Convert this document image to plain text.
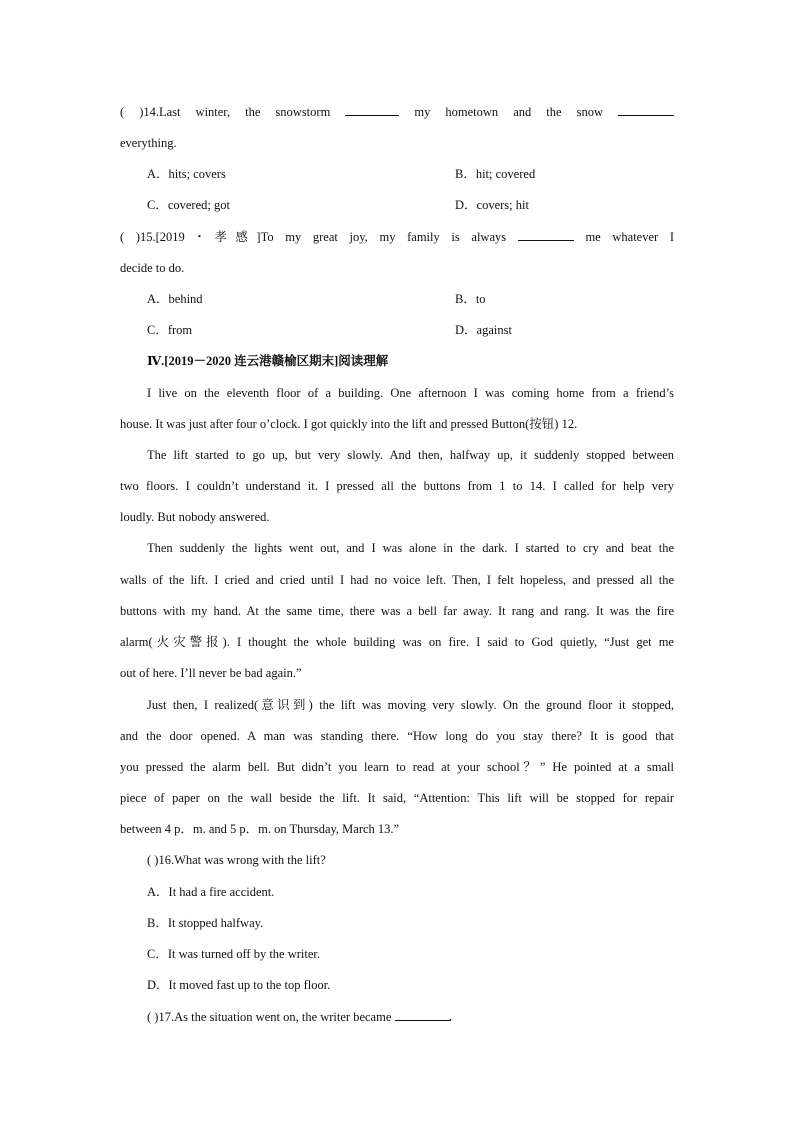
( )14.Last winter, the snowstorm	my hometown and the snow
everything.
A．hits; covers	B．hit; covered
C．covered; got	D．covers; hit
( )15.[2019・孝感]To my great joy, my family is always	me whatever I
decide to do.
A．behind	B．to
C．from	D．against
Ⅳ.[2019－2020 连云港赣榆区期末]阅读理解
I live on the eleventh floor of a building. One afternoon I was coming home from a friend’s
house. It was just after four o’clock. I got quickly into the lift and pressed Button(按钮) 12.
The lift started to go up, but very slowly. And then, halfway up, it suddenly stopped between
two floors. I couldn’t understand it. I pressed all the buttons from 1 to 14. I called for help very
loudly. But nobody answered.
Then suddenly the lights went out, and I was alone in the dark. I started to cry and beat the
walls of the lift. I cried and cried until I had no voice left. Then, I felt hopeless, and pressed all the
buttons with my hand. At the same time, there was a bell far away. It rang and rang. It was the fire
alarm(火灾警报). I thought the whole building was on fire. I said to God quietly, “Just get me
out of here. I’ll never be bad again.”
Just then, I realized(意识到) the lift was moving very slowly. On the ground floor it stopped,
and the door opened. A man was standing there. “How long do you stay there? It is good that
you pressed the alarm bell. But didn’t you learn to read at your school？” He pointed at a small
piece of paper on the wall beside the lift. It said, “Attention: This lift will be stopped for repair
between 4 p．m. and 5 p．m. on Thursday, March 13.”
( )16.What was wrong with the lift?
A．It had a fire accident.
B．It stopped halfway.
C．It was turned off by the writer.
D．It moved fast up to the top floor.
( )17.As the situation went on, the writer became	.
